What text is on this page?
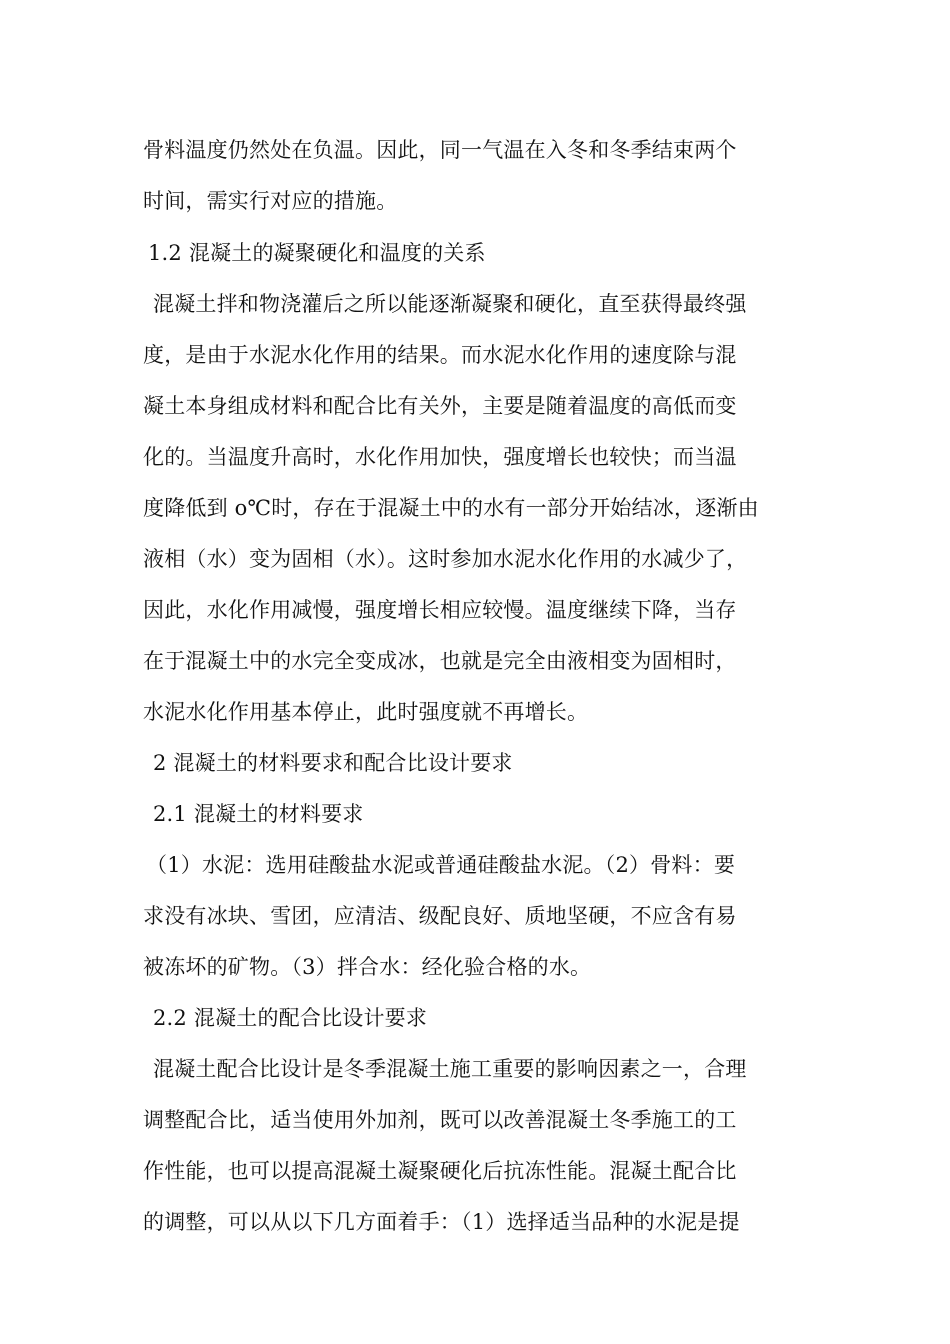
骨料温度仍然处在负温。因此，同一气温在入冬和冬季结束两个
时间，需实行对应的措施。
1.2 混凝土的凝聚硬化和温度的关系
混凝土拌和物浇灌后之所以能逐渐凝聚和硬化，直至获得最终强
度，是由于水泥水化作用的结果。而水泥水化作用的速度除与混
凝土本身组成材料和配合比有关外，主要是随着温度的高低而变
化的。当温度升高时，水化作用加快，强度增长也较快；而当温
度降低到 o℃时，存在于混凝土中的水有一部分开始结冰，逐渐由
液相（水）变为固相（水）。这时参加水泥水化作用的水减少了，
因此，水化作用减慢，强度增长相应较慢。温度继续下降，当存
在于混凝土中的水完全变成冰，也就是完全由液相变为固相时，
水泥水化作用基本停止，此时强度就不再增长。
2 混凝土的材料要求和配合比设计要求
2.1 混凝土的材料要求
（1）水泥：选用硅酸盐水泥或普通硅酸盐水泥。（2）骨料：要
求没有冰块、雪团，应清洁、级配良好、质地坚硬，不应含有易
被冻坏的矿物。（3）拌合水：经化验合格的水。
2.2 混凝土的配合比设计要求
混凝土配合比设计是冬季混凝土施工重要的影响因素之一，合理
调整配合比，适当使用外加剂，既可以改善混凝土冬季施工的工
作性能，也可以提高混凝土凝聚硬化后抗冻性能。混凝土配合比
的调整，可以从以下几方面着手：（1）选择适当品种的水泥是提
